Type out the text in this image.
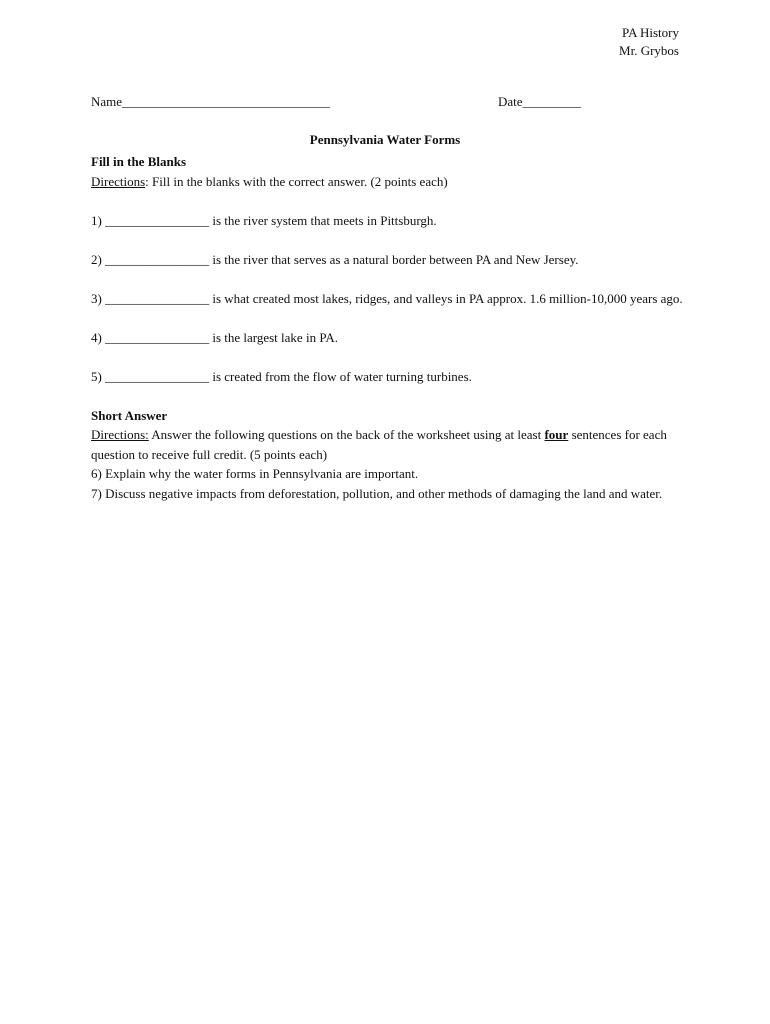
PA History
Mr. Grybos
Name________________________________	Date_________
Pennsylvania Water Forms
Fill in the Blanks
Directions: Fill in the blanks with the correct answer. (2 points each)

1) ________________ is the river system that meets in Pittsburgh.

2) ________________ is the river that serves as a natural border between PA and New Jersey.

3) ________________ is what created most lakes, ridges, and valleys in PA approx. 1.6 million-10,000 years ago.

4) ________________ is the largest lake in PA.

5) ________________ is created from the flow of water turning turbines.

Short Answer
Directions: Answer the following questions on the back of the worksheet using at least four sentences for each question to receive full credit. (5 points each)

6) Explain why the water forms in Pennsylvania are important.

7) Discuss negative impacts from deforestation, pollution, and other methods of damaging the land and water.
